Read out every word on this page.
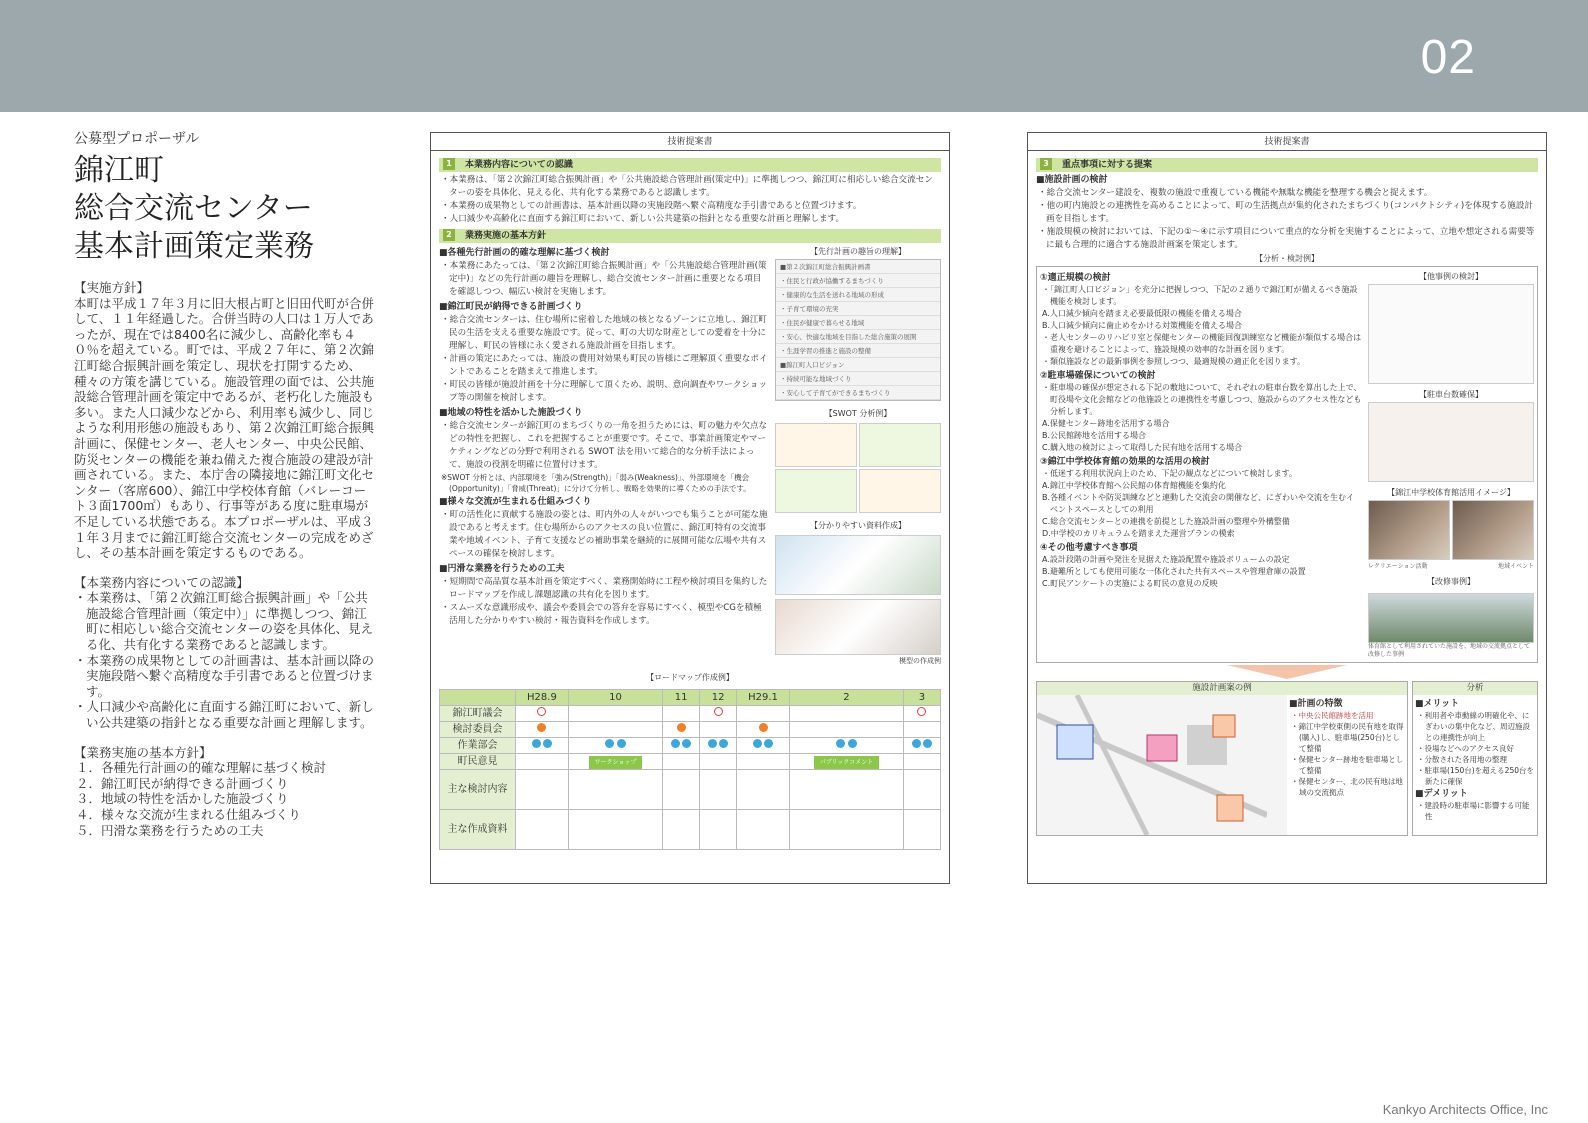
02
公募型プロポーザル
錦江町
総合交流センター
基本計画策定業務
【実施方針】
本町は平成１７年３月に旧大根占町と旧田代町が合併して、１１年経過した。合併当時の人口は１万人であったが、現在では8400名に減少し、高齢化率も４０％を超えている。町では、平成２７年に、第２次錦江町総合振興計画を策定し、現状を打開するため、種々の方策を講じている。施設管理の面では、公共施設総合管理計画を策定中であるが、老朽化した施設も多い。また人口減少などから、利用率も減少し、同じような利用形態の施設もあり、第２次錦江町総合振興計画に、保健センター、老人センター、中央公民館、防災センターの機能を兼ね備えた複合施設の建設が計画されている。また、本庁舎の隣接地に錦江町文化センター（客席600）、錦江中学校体育館（バレーコート３面1700㎡）もあり、行事等がある度に駐車場が不足している状態である。本プロポーザルは、平成３１年３月までに錦江町総合交流センターの完成をめざし、その基本計画を策定するものである。
【本業務内容についての認識】
・本業務は、「第２次錦江町総合振興計画」や「公共施設総合管理計画（策定中）」に準拠しつつ、錦江町に相応しい総合交流センターの姿を具体化、見える化、共有化する業務であると認識します。
・本業務の成果物としての計画書は、基本計画以降の実施段階へ繋ぐ高精度な手引書であると位置づけます。
・人口減少や高齢化に直面する錦江町において、新しい公共建築の指針となる重要な計画と理解します。
【業務実施の基本方針】
１．各種先行計画の的確な理解に基づく検討
２．錦江町民が納得できる計画づくり
３．地域の特性を活かした施設づくり
４．様々な交流が生まれる仕組みづくり
５．円滑な業務を行うための工夫
技術提案書
1 本業務内容についての認識
・本業務は、「第２次錦江町総合振興計画」や「公共施設総合管理計画(策定中)」に準拠しつつ、錦江町に相応しい総合交流センターの姿を具体化、見える化、共有化する業務であると認識します。
・本業務の成果物としての計画書は、基本計画以降の実施段階へ繋ぐ高精度な手引書であると位置づけます。
・人口減少や高齢化に直面する錦江町において、新しい公共建築の指針となる重要な計画と理解します。
2 業務実施の基本方針
■各種先行計画の的確な理解に基づく検討
・本業務にあたっては、「第２次錦江町総合振興計画」や「公共施設総合管理計画(策定中)」などの先行計画の趣旨を理解し、総合交流センター計画に重要となる項目を確認しつつ、幅広い検討を実施します。
■錦江町民が納得できる計画づくり
・総合交流センターは、住む場所に密着した地域の核となるゾーンに立地し、錦江町民の生活を支える重要な施設です。従って、町の大切な財産としての愛着を十分に理解し、町民の皆様に永く愛される施設計画を目指します。
・計画の策定にあたっては、施設の費用対効果も町民の皆様にご理解頂く重要なポイントであることを踏まえて推進します。
・町民の皆様が施設計画を十分に理解して頂くため、説明、意向調査やワークショップ等の開催を検討します。
■地域の特性を活かした施設づくり
・総合交流センターが錦江町のまちづくりの一角を担うためには、町の魅力や欠点などの特性を把握し、これを把握することが重要です。そこで、事業計画策定やマーケティングなどの分野で利用される SWOT 法を用いて総合的な分析手法によって、施設の役割を明確に位置付けます。
※SWOT 分析とは、内部環境を「強み(Strength)」「弱み(Weakness)」、外部環境を「機会(Opportunity)」「脅威(Threat)」に分けて分析し、戦略を効果的に導くための手法です。
■様々な交流が生まれる仕組みづくり
・町の活性化に貢献する施設の姿とは、町内外の人々がいつでも集うことが可能な施設であると考えます。住む場所からのアクセスの良い位置に、錦江町特有の交流事業や地域イベント、子育て支援などの補助事業を継続的に展開可能な広場や共有スペースの確保を検討します。
■円滑な業務を行うための工夫
・短期間で高品質な基本計画を策定すべく、業務開始時に工程や検討項目を集約したロードマップを作成し課題認識の共有化を図ります。
・スムーズな意識形成や、議会や委員会での答弁を容易にすべく、模型やCGを積極活用した分かりやすい検討・報告資料を作成します。
【先行計画の趣旨の理解】
■第２次錦江町総合振興計画書
・住民と行政が協働するまちづくり
・健康的な生活を送れる地域の形成
・子育て環境の充実
・住民が健康で暮らせる地域
・安心、快適な地域を目指した総合施策の展開
・生涯学習の推進と施設の整備
■錦江町人口ビジョン
・持続可能な地域づくり
・安心して子育てができるまちづくり
【SWOT 分析例】
【分かりやすい資料作成】
模型の作成例
【ロードマップ作成例】
	H28.9	10	11	12	H29.1	2	3
錦江町議会							
検討委員会							
作業部会							
町民意見		ワークショップ				パブリックコメント	
主な検討内容							
主な作成資料							
技術提案書
3 重点事項に対する提案
■施設計画の検討
・総合交流センター建設を、複数の施設で重複している機能や無駄な機能を整理する機会と捉えます。
・他の町内施設との連携性を高めることによって、町の生活拠点が集約化されたまちづくり(コンパクトシティ)を体現する施設計画を目指します。
・施設規模の検討においては、下記の①～④に示す項目について重点的な分析を実施することによって、立地や想定される需要等に最も合理的に適合する施設計画案を策定します。
【分析・検討例】
①適正規模の検討
・「錦江町人口ビジョン」を充分に把握しつつ、下記の２通りで錦江町が備えるべき施設機能を検討します。
A.人口減少傾向を踏まえ必要最低限の機能を備える場合
B.人口減少傾向に歯止めをかける対策機能を備える場合
・老人センターのリハビリ室と保健センターの機能回復訓練室など機能が類似する場合は重複を避けることによって、施設規模の効率的な計画を図ります。
・類似施設などの最新事例を参照しつつ、最適規模の適正化を図ります。
②駐車場確保についての検討
・駐車場の確保が想定される下記の敷地について、それぞれの駐車台数を算出した上で、町役場や文化会館などの他施設との連携性を考慮しつつ、施設からのアクセス性なども分析します。
A.保健センター跡地を活用する場合
B.公民館跡地を活用する場合
C.購入地の検討によって取得した民有地を活用する場合
③錦江中学校体育館の効果的な活用の検討
・低迷する利用状況向上のため、下記の観点などについて検討します。
A.錦江中学校体育館へ公民館の体育館機能を集約化
B.各種イベントや防災訓練などと連動した交流会の開催など、にぎわいや交流を生むイベントスペースとしての利用
C.総合交流センターとの連携を前提とした施設計画の整理や外構整備
D.中学校のカリキュラムを踏まえた運営プランの模索
④その他考慮すべき事項
A.設計段階の計画や発注を見据えた施設配置や施設ボリュームの設定
B.避難所としても使用可能な一体化された共有スペースや管理倉庫の設置
C.町民アンケートの実施による町民の意見の反映
【他事例の検討】
【駐車台数確保】
【錦江中学校体育館活用イメージ】
レクリエーション活動	地域イベント
【改修事例】
体育館として利用されていた施設を、地域の交流拠点として改修した事例
施設計画案の例
■計画の特徴
・中央公民館跡地を活用
・錦江中学校東側の民有地を取得(購入)し、駐車場(250台)として整備
・保健センター跡地を駐車場として整備
・保健センター、北の民有地は地域の交流拠点
分析
■メリット
・利用者や車動線の明確化や、にぎわいの集中化など、周辺施設との連携性が向上
・役場などへのアクセス良好
・分散された各用地の整理
・駐車場(150台)を超える250台を新たに確保
■デメリット
・建設時の駐車場に影響する可能性
Kankyo Architects Office, Inc
